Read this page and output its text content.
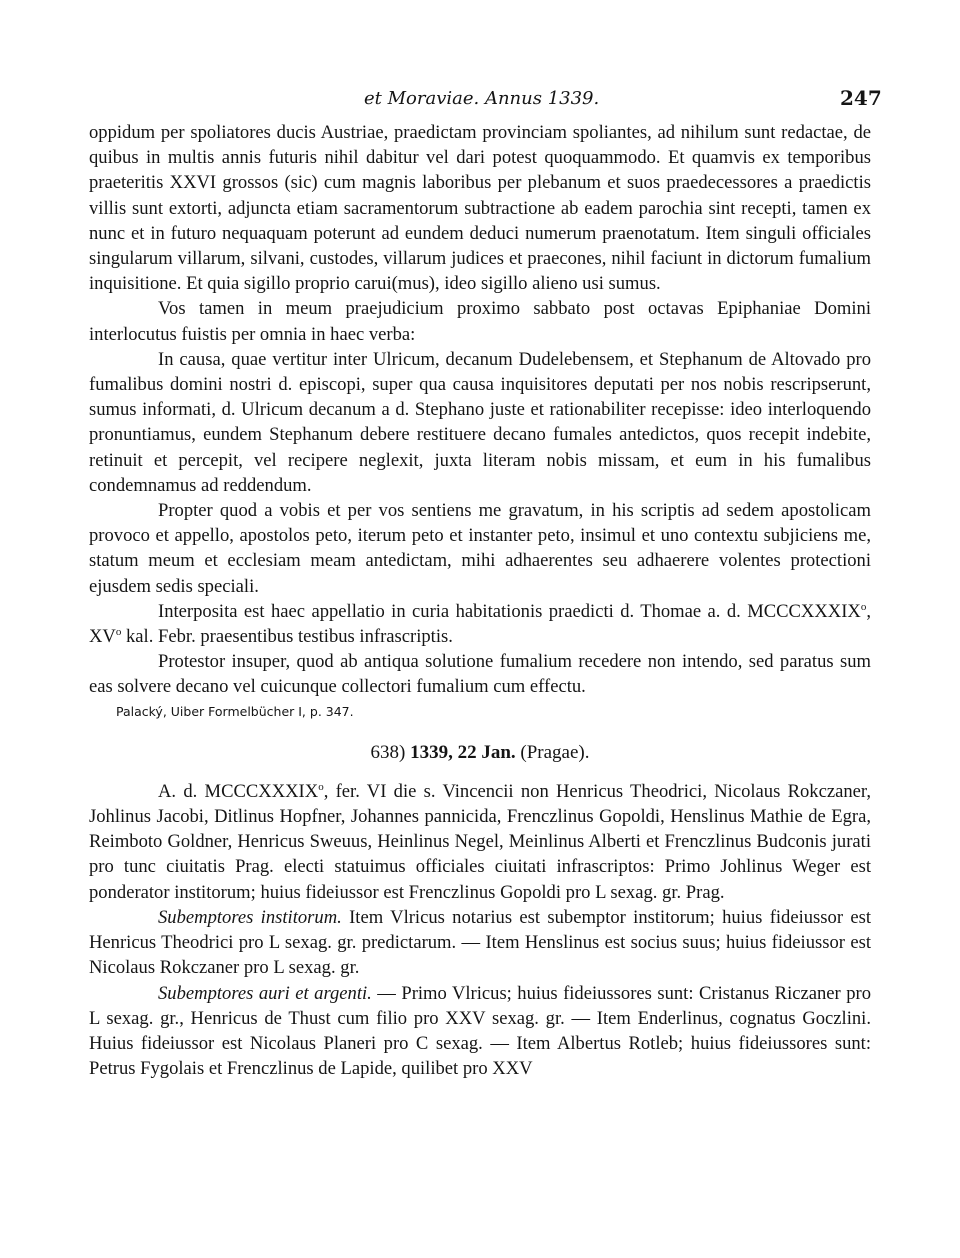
et Moraviae. Annus 1339.	247

oppidum per spoliatores ducis Austriae, praedictam provinciam spoliantes, ad nihilum sunt redactae, de quibus in multis annis futuris nihil dabitur vel dari potest quoquammodo. Et quamvis ex temporibus praeteritis XXVI grossos (sic) cum magnis laboribus per plebanum et suos praedecessores a praedictis villis sunt extorti, adjuncta etiam sacramentorum subtractione ab eadem parochia sint recepti, tamen ex nunc et in futuro nequaquam poterunt ad eundem deduci numerum praenotatum. Item singuli officiales singularum villarum, silvani, custodes, villarum judices et praecones, nihil faciunt in dictorum fumalium inquisitione. Et quia sigillo proprio carui(mus), ideo sigillo alieno usi sumus.

Vos tamen in meum praejudicium proximo sabbato post octavas Epiphaniae Domini interlocutus fuistis per omnia in haec verba:

In causa, quae vertitur inter Ulricum, decanum Dudelebensem, et Stephanum de Altovado pro fumalibus domini nostri d. episcopi, super qua causa inquisitores deputati per nos nobis rescripserunt, sumus informati, d. Ulricum decanum a d. Stephano juste et rationabiliter recepisse: ideo interloquendo pronuntiamus, eundem Stephanum debere restituere decano fumales antedictos, quos recepit indebite, retinuit et percepit, vel recipere neglexit, juxta literam nobis missam, et eum in his fumalibus condemnamus ad reddendum.

Propter quod a vobis et per vos sentiens me gravatum, in his scriptis ad sedem apostolicam provoco et appello, apostolos peto, iterum peto et instanter peto, insimul et uno contextu subjiciens me, statum meum et ecclesiam meam antedictam, mihi adhaerentes seu adhaerere volentes protectioni ejusdem sedis speciali.

Interposita est haec appellatio in curia habitationis praedicti d. Thomae a. d. MCCCXXXIX$^o$, $XV^o$ kal. Febr. praesentibus testibus infrascriptis.

Protestor insuper, quod ab antiqua solutione fumalium recedere non intendo, sed paratus sum eas solvere decano vel cuicunque collectori fumalium cum effectu.

Palacký, Uiber Formelbücher I, p. 347.

638) 1339, 22 Jan. (Pragae).

A. d. MCCCXXXIX$^o$, fer. VI die s. Vincencii non Henricus Theodrici, Nicolaus Rokczaner, Johlinus Jacobi, Ditlinus Hopfner, Johannes pannicida, Frenczlinus Gopoldi, Henslinus Mathie de Egra, Reimboto Goldner, Henricus Sweuus, Heinlinus Negel, Meinlinus Alberti et Frenczlinus Budconis jurati pro tunc ciuitatis Prag. electi statuimus officiales ciuitati infrascriptos: Primo Johlinus Weger est ponderator institorum; huius fideiussor est Frenczlinus Gopoldi pro L sexag. gr. Prag.

Subemptores institorum. Item Vlricus notarius est subemptor institorum; huius fideiussor est Henricus Theodrici pro L sexag. gr. predictarum. — Item Henslinus est socius suus; huius fideiussor est Nicolaus Rokczaner pro L sexag. gr.

Subemptores auri et argenti. — Primo Vlricus; huius fideiussores sunt: Cristanus Riczaner pro L sexag. gr., Henricus de Thust cum filio pro XXV sexag. gr. — Item Enderlinus, cognatus Goczlini. Huius fideiussor est Nicolaus Planeri pro C sexag. — Item Albertus Rotleb; huius fideiussores sunt: Petrus Fygolais et Frenczlinus de Lapide, quilibet pro XXV
